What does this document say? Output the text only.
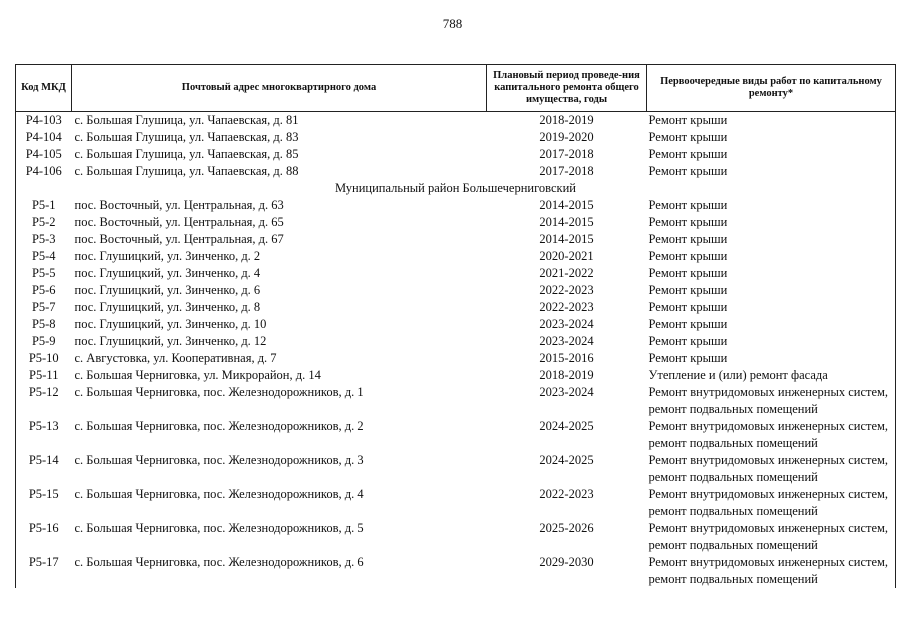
788
Код МКД	Почтовый адрес многоквартирного дома	Плановый период проведе-ния капитального ремонта общего имущества, годы	Первоочередные виды работ по капитальному ремонту*
Р4-103	с. Большая Глушица, ул. Чапаевская, д. 81	2018-2019	Ремонт крыши
Р4-104	с. Большая Глушица, ул. Чапаевская, д. 83	2019-2020	Ремонт крыши
Р4-105	с. Большая Глушица, ул. Чапаевская, д. 85	2017-2018	Ремонт крыши
Р4-106	с. Большая Глушица, ул. Чапаевская, д. 88	2017-2018	Ремонт крыши
Муниципальный район Большечерниговский			
Р5-1	пос. Восточный, ул. Центральная, д. 63	2014-2015	Ремонт крыши
Р5-2	пос. Восточный, ул. Центральная, д. 65	2014-2015	Ремонт крыши
Р5-3	пос. Восточный, ул. Центральная, д. 67	2014-2015	Ремонт крыши
Р5-4	пос. Глушицкий, ул. Зинченко, д. 2	2020-2021	Ремонт крыши
Р5-5	пос. Глушицкий, ул. Зинченко, д. 4	2021-2022	Ремонт крыши
Р5-6	пос. Глушицкий, ул. Зинченко, д. 6	2022-2023	Ремонт крыши
Р5-7	пос. Глушицкий, ул. Зинченко, д. 8	2022-2023	Ремонт крыши
Р5-8	пос. Глушицкий, ул. Зинченко, д. 10	2023-2024	Ремонт крыши
Р5-9	пос. Глушицкий, ул. Зинченко, д. 12	2023-2024	Ремонт крыши
Р5-10	с. Августовка, ул. Кооперативная, д. 7	2015-2016	Ремонт крыши
Р5-11	с. Большая Черниговка, ул. Микрорайон, д. 14	2018-2019	Утепление и (или) ремонт фасада
Р5-12	с. Большая Черниговка, пос. Железнодорожников, д. 1	2023-2024	Ремонт внутридомовых инженерных систем, ремонт подвальных помещений
Р5-13	с. Большая Черниговка, пос. Железнодорожников, д. 2	2024-2025	Ремонт внутридомовых инженерных систем, ремонт подвальных помещений
Р5-14	с. Большая Черниговка, пос. Железнодорожников, д. 3	2024-2025	Ремонт внутридомовых инженерных систем, ремонт подвальных помещений
Р5-15	с. Большая Черниговка, пос. Железнодорожников, д. 4	2022-2023	Ремонт внутридомовых инженерных систем, ремонт подвальных помещений
Р5-16	с. Большая Черниговка, пос. Железнодорожников, д. 5	2025-2026	Ремонт внутридомовых инженерных систем, ремонт подвальных помещений
Р5-17	с. Большая Черниговка, пос. Железнодорожников, д. 6	2029-2030	Ремонт внутридомовых инженерных систем, ремонт подвальных помещений
